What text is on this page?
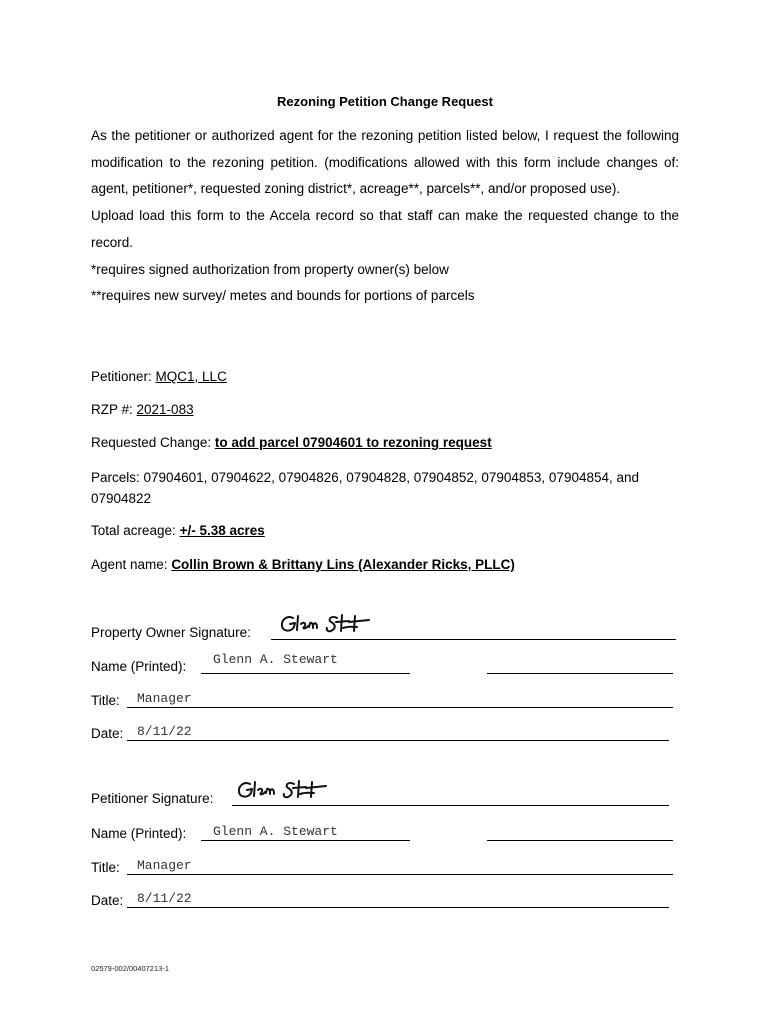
Rezoning Petition Change Request

As the petitioner or authorized agent for the rezoning petition listed below, I request the following modification to the rezoning petition. (modifications allowed with this form include changes of: agent, petitioner*, requested zoning district*, acreage**, parcels**, and/or proposed use).

Upload load this form to the Accela record so that staff can make the requested change to the record.

*requires signed authorization from property owner(s) below

**requires new survey/ metes and bounds for portions of parcels

Petitioner: MQC1, LLC
RZP #: 2021-083
Requested Change: to add parcel 07904601 to rezoning request
Parcels: 07904601, 07904622, 07904826, 07904828, 07904852, 07904853, 07904854, and 07904822
Total acreage: +/- 5.38 acres
Agent name: Collin Brown & Brittany Lins (Alexander Ricks, PLLC)
Property Owner Signature:
Name (Printed): Glenn A. Stewart
Title: Manager
Date: 8/11/22
Petitioner Signature:
Name (Printed): Glenn A. Stewart
Title: Manager
Date: 8/11/22
02579-002/00407213-1
